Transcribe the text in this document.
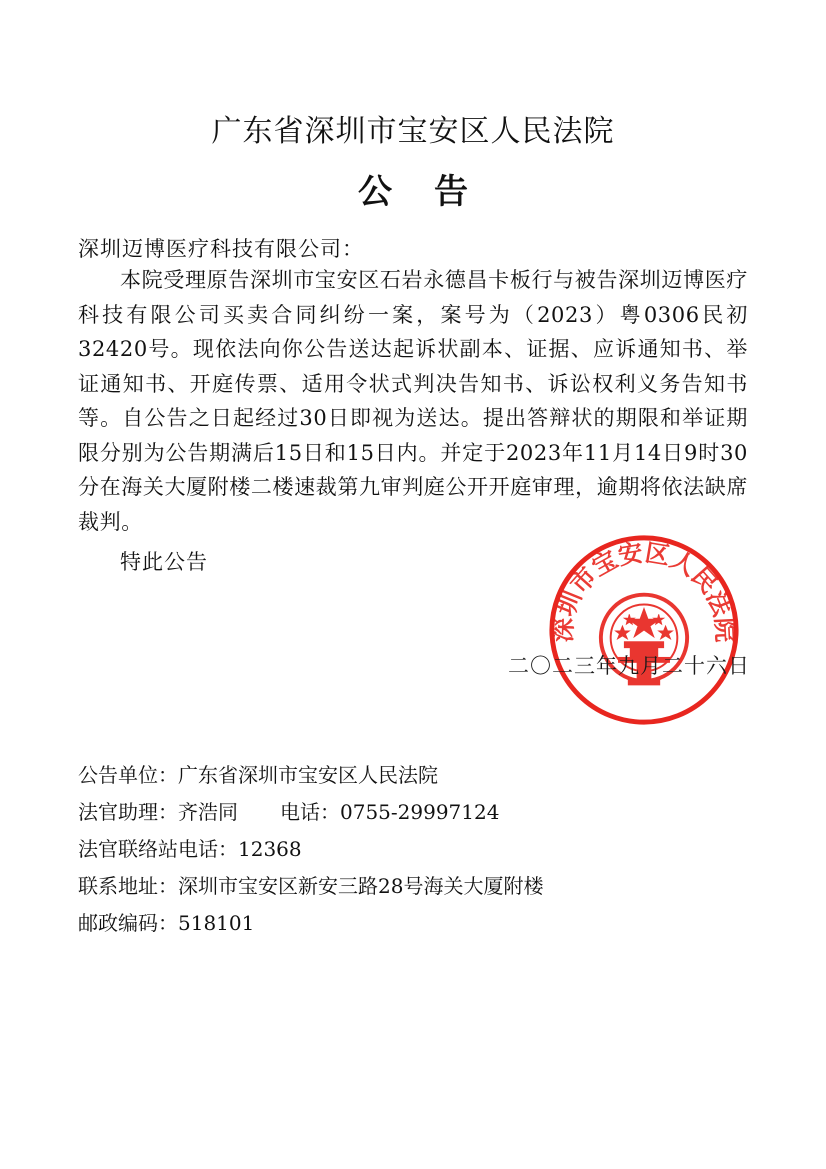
广东省深圳市宝安区人民法院
公 告
深圳迈博医疗科技有限公司：

本院受理原告深圳市宝安区石岩永德昌卡板行与被告深圳迈博医疗科技有限公司买卖合同纠纷一案，案号为（2023）粤0306民初32420号。现依法向你公告送达起诉状副本、证据、应诉通知书、举证通知书、开庭传票、适用令状式判决告知书、诉讼权利义务告知书等。自公告之日起经过30日即视为送达。提出答辩状的期限和举证期限分别为公告期满后15日和15日内。并定于2023年11月14日9时30分在海关大厦附楼二楼速裁第九审判庭公开开庭审理，逾期将依法缺席裁判。

特此公告
深圳市宝安区人民法院
二〇二三年九月二十六日
公告单位：广东省深圳市宝安区人民法院
法官助理：齐浩同 电话：0755-29997124
法官联络站电话：12368
联系地址：深圳市宝安区新安三路28号海关大厦附楼
邮政编码：518101
